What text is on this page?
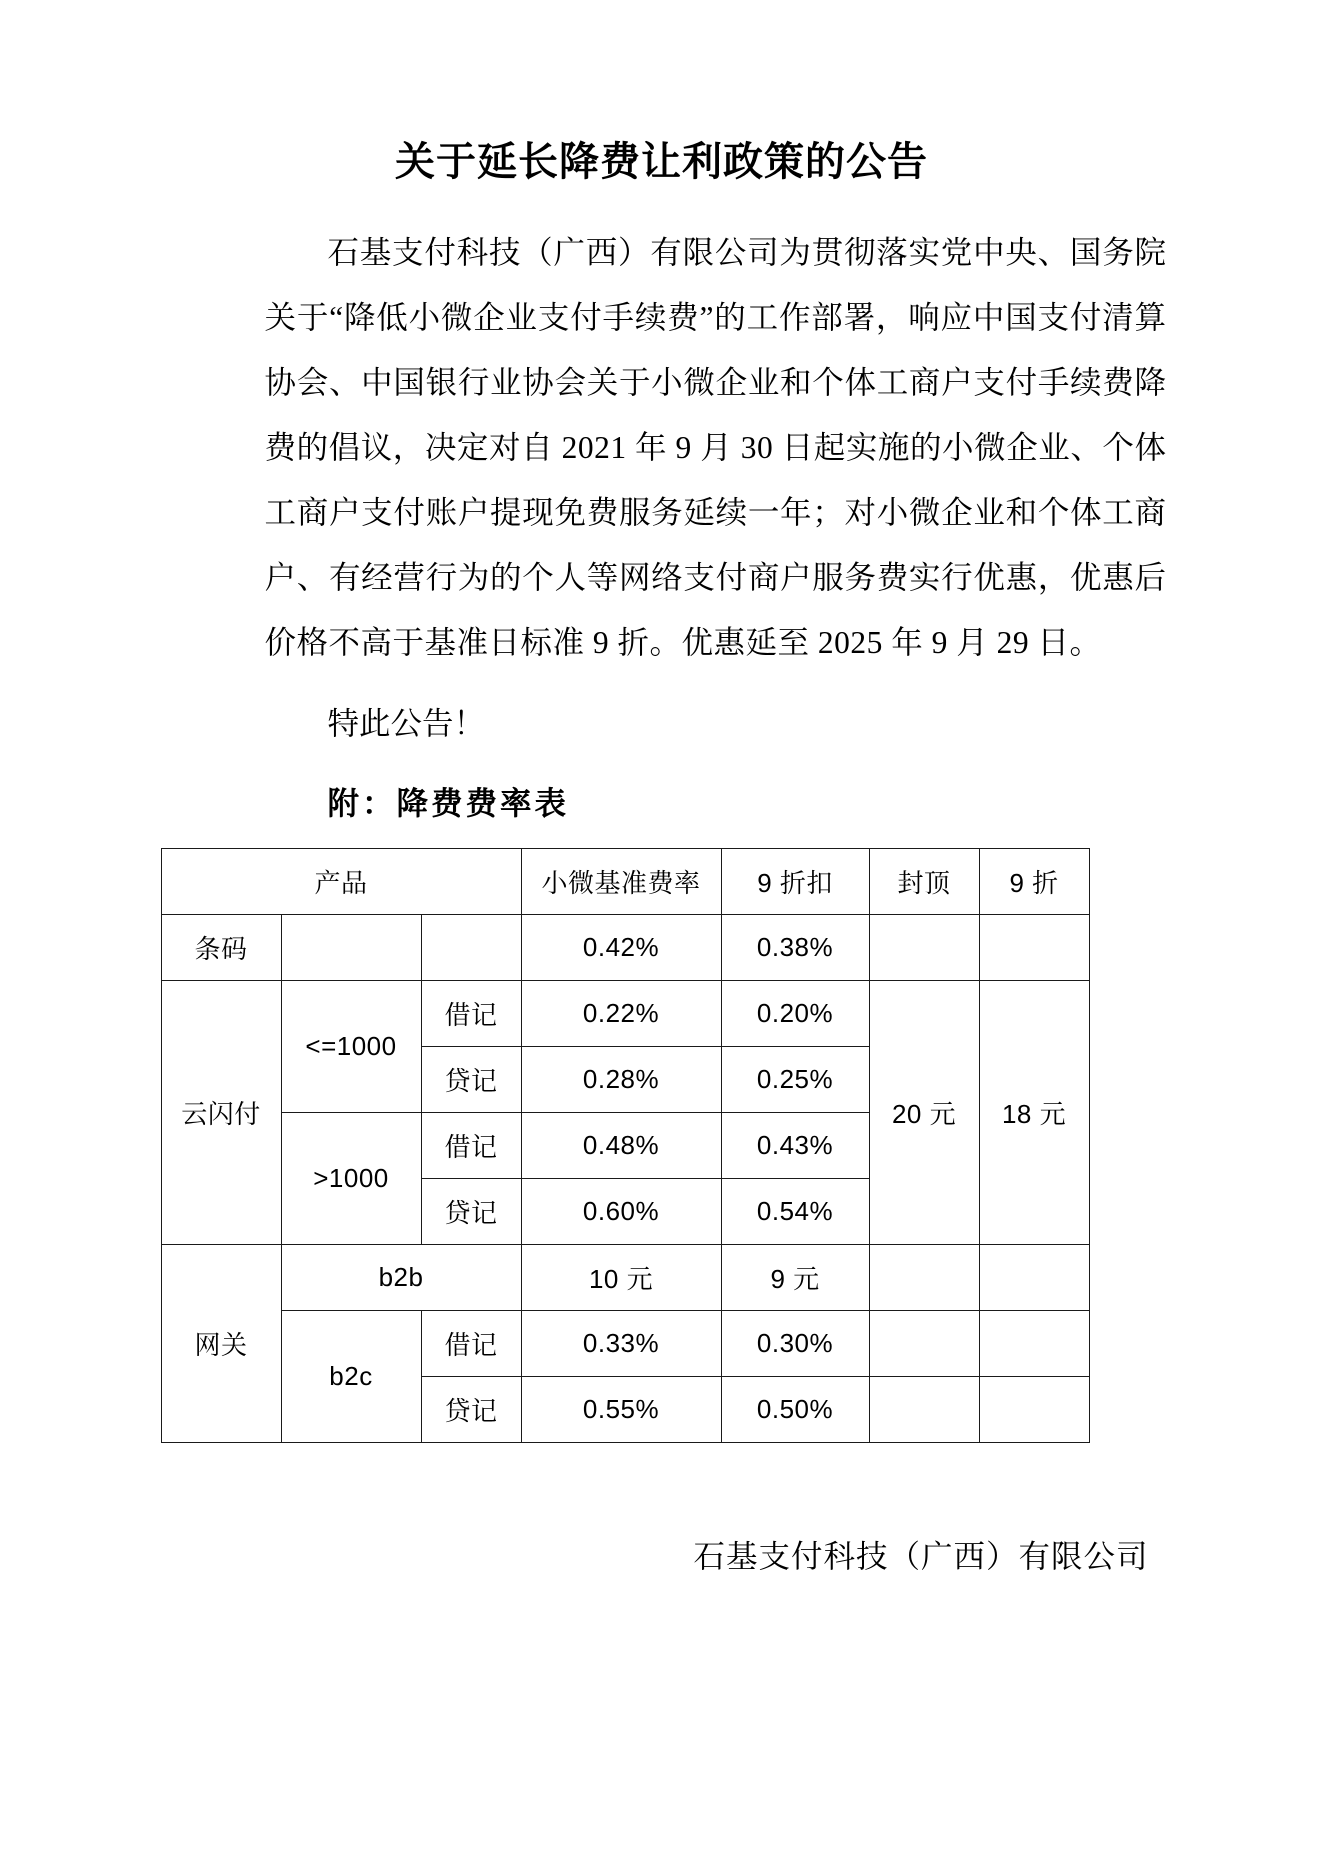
关于延长降费让利政策的公告

石基支付科技（广西）有限公司为贯彻落实党中央、国务院关于“降低小微企业支付手续费”的工作部署，响应中国支付清算协会、中国银行业协会关于小微企业和个体工商户支付手续费降费的倡议，决定对自 2021 年 9 月 30 日起实施的小微企业、个体工商户支付账户提现免费服务延续一年；对小微企业和个体工商户、有经营行为的个人等网络支付商户服务费实行优惠，优惠后价格不高于基准日标准 9 折。优惠延至 2025 年 9 月 29 日。

特此公告！

附：降费费率表

产品			小微基准费率	9 折扣	封顶	9 折
条码			0.42%	0.38%		
云闪付	<=1000	借记	0.22%	0.20%	20 元	18 元
		贷记	0.28%	0.25%		
	>1000	借记	0.48%	0.43%		
		贷记	0.60%	0.54%		
网关	b2b		10 元	9 元		
	b2c	借记	0.33%	0.30%		
		贷记	0.55%	0.50%		
石基支付科技（广西）有限公司
